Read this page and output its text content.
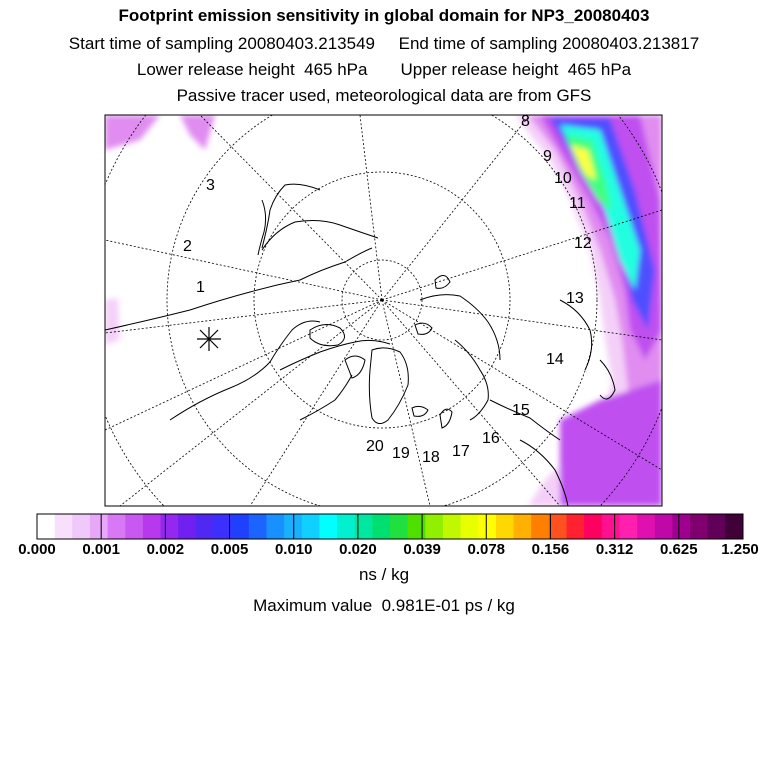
Footprint emission sensitivity in global domain for NP3_20080403
Start time of sampling 20080403.213549     End time of sampling 20080403.213817
Lower release height  465 hPa       Upper release height  465 hPa
Passive tracer used, meteorological data are from GFS
1
2
3
8
9
10
11
12
13
14
15
16
17
18
19
20
0.000 0.001 0.002 0.005 0.010 0.020 0.039 0.078 0.156 0.312 0.625 1.250
ns / kg
Maximum value  0.981E-01 ps / kg
